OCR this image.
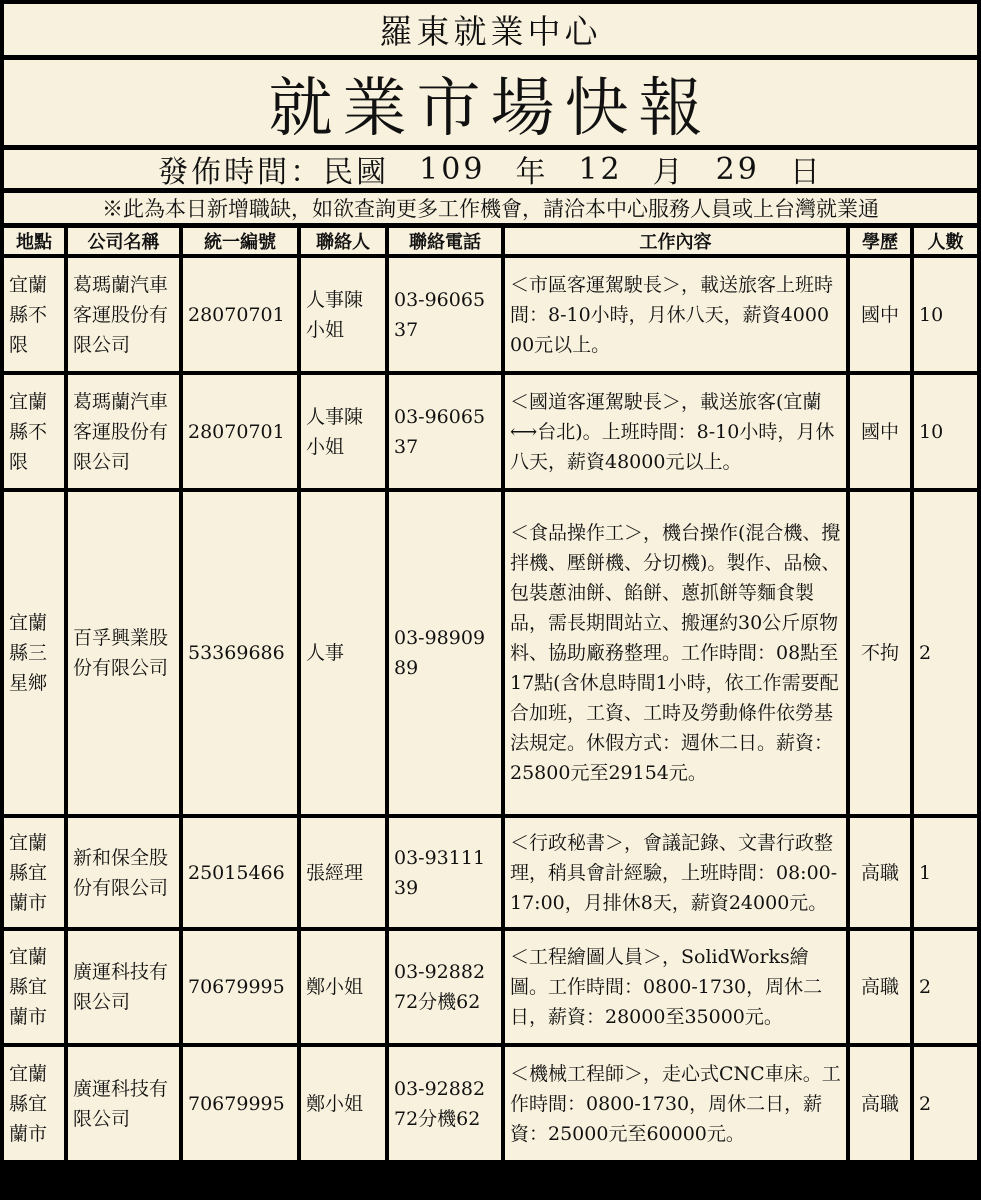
羅東就業中心
就業市場快報
發佈時間：民國 109 年 12 月 29 日
※此為本日新增職缺，如欲查詢更多工作機會，請洽本中心服務人員或上台灣就業通
地點	公司名稱	統一編號	聯絡人	聯絡電話	工作內容	學歷	人數
宜蘭縣不限	葛瑪蘭汽車客運股份有限公司	28070701	人事陳小姐	03-9606537	＜市區客運駕駛長＞，載送旅客上班時間：8-10小時，月休八天，薪資400000元以上。	國中	10
宜蘭縣不限	葛瑪蘭汽車客運股份有限公司	28070701	人事陳小姐	03-9606537	＜國道客運駕駛長＞，載送旅客(宜蘭⟷台北)。上班時間：8-10小時，月休八天，薪資48000元以上。	國中	10
宜蘭縣三星鄉	百孚興業股份有限公司	53369686	人事	03-9890989	＜食品操作工＞，機台操作(混合機、攪拌機、壓餅機、分切機)。製作、品檢、包裝蔥油餅、餡餅、蔥抓餅等麵食製品，需長期間站立、搬運約30公斤原物料、協助廠務整理。工作時間：08點至17點(含休息時間1小時，依工作需要配合加班，工資、工時及勞動條件依勞基法規定。休假方式：週休二日。薪資：25800元至29154元。	不拘	2
宜蘭縣宜蘭市	新和保全股份有限公司	25015466	張經理	03-9311139	＜行政秘書＞，會議記錄、文書行政整理，稍具會計經驗，上班時間：08:00-17:00，月排休8天，薪資24000元。	高職	1
宜蘭縣宜蘭市	廣運科技有限公司	70679995	鄭小姐	03-9288272分機62	＜工程繪圖人員＞，SolidWorks繪圖。工作時間：0800-1730，周休二日，薪資：28000至35000元。	高職	2
宜蘭縣宜蘭市	廣運科技有限公司	70679995	鄭小姐	03-9288272分機62	＜機械工程師＞，走心式CNC車床。工作時間：0800-1730，周休二日，薪資：25000元至60000元。	高職	2
